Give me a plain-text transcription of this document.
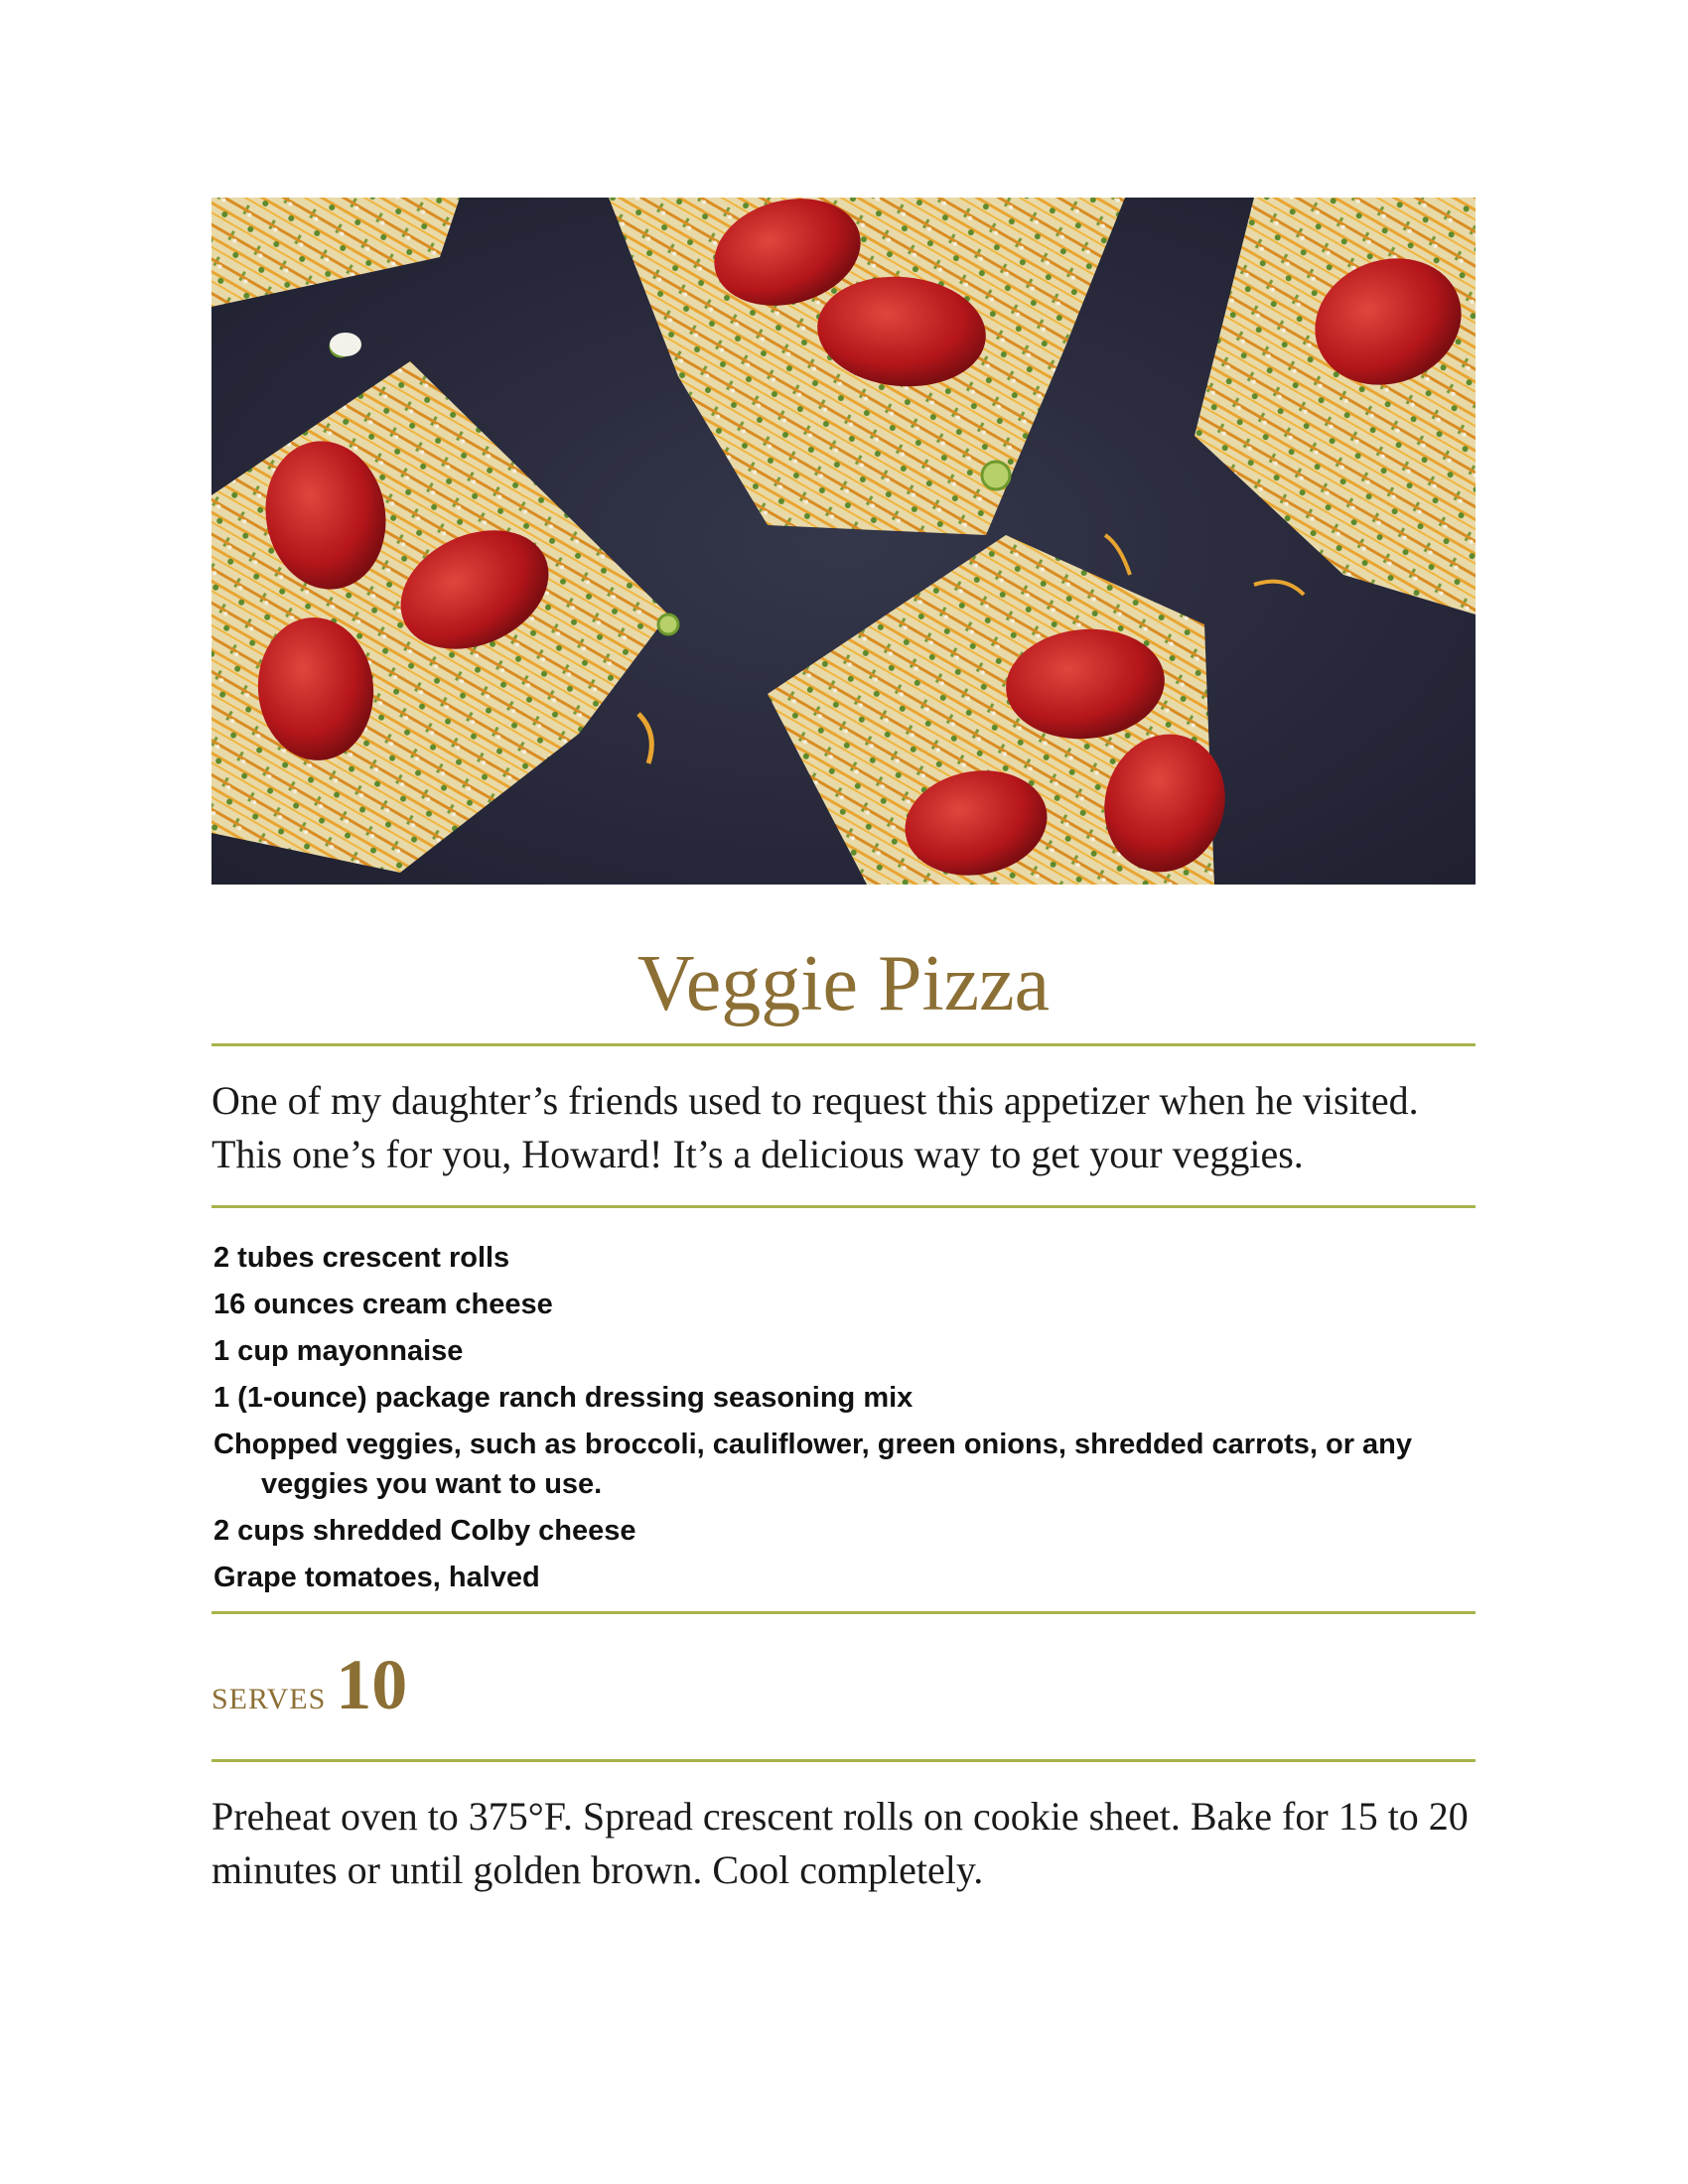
Veggie Pizza
One of my daughter’s friends used to request this appetizer when he visited. This one’s for you, Howard! It’s a delicious way to get your veggies.
2 tubes crescent rolls
16 ounces cream cheese
1 cup mayonnaise
1 (1-ounce) package ranch dressing seasoning mix
Chopped veggies, such as broccoli, cauliflower, green onions, shredded carrots, or any veggies you want to use.
2 cups shredded Colby cheese
Grape tomatoes, halved
SERVES 10
Preheat oven to 375°F. Spread crescent rolls on cookie sheet. Bake for 15 to 20 minutes or until golden brown. Cool completely.
